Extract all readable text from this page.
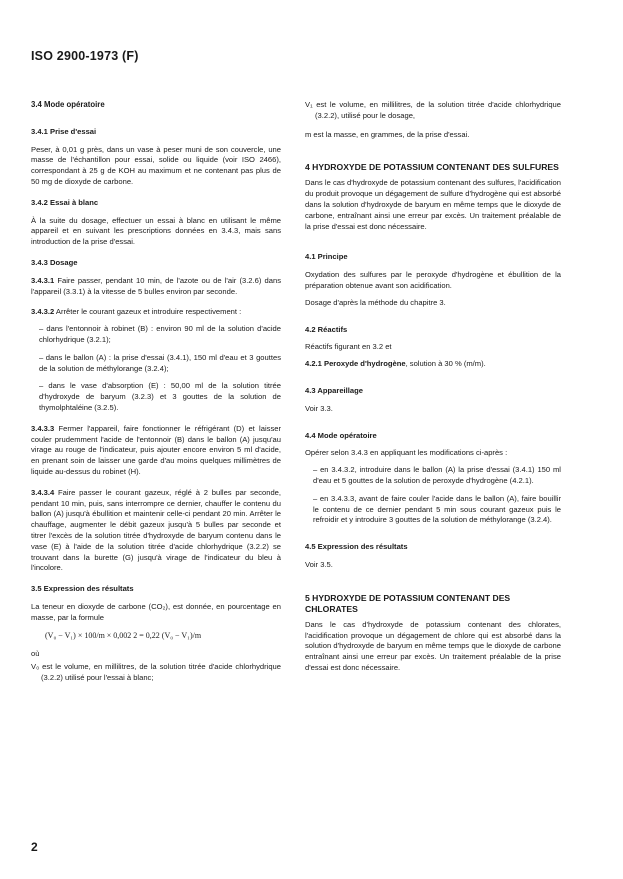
ISO 2900-1973 (F)
3.4 Mode opératoire
3.4.1 Prise d'essai

Peser, à 0,01 g près, dans un vase à peser muni de son couvercle, une masse de l'échantillon pour essai, solide ou liquide (voir ISO 2466), correspondant à 25 g de KOH au maximum et ne contenant pas plus de 50 mg de dioxyde de carbone.

3.4.2 Essai à blanc

À la suite du dosage, effectuer un essai à blanc en utilisant le même appareil et en suivant les prescriptions données en 3.4.3, mais sans introduction de la prise d'essai.

3.4.3 Dosage

3.4.3.1 Faire passer, pendant 10 min, de l'azote ou de l'air (3.2.6) dans l'appareil (3.3.1) à la vitesse de 5 bulles environ par seconde.

3.4.3.2 Arrêter le courant gazeux et introduire respectivement :

– dans l'entonnoir à robinet (B) : environ 90 ml de la solution d'acide chlorhydrique (3.2.1);
– dans le ballon (A) : la prise d'essai (3.4.1), 150 ml d'eau et 3 gouttes de la solution de méthylorange (3.2.4);
– dans le vase d'absorption (E) : 50,00 ml de la solution titrée d'hydroxyde de baryum (3.2.3) et 3 gouttes de la solution de thymolphtaléine (3.2.5).

3.4.3.3 Fermer l'appareil, faire fonctionner le réfrigérant (D) et laisser couler prudemment l'acide de l'entonnoir (B) dans le ballon (A) jusqu'au virage au rouge de l'indicateur, puis ajouter encore environ 5 ml d'acide, en prenant soin de laisser une garde d'au moins quelques millimètres de liquide au-dessus du robinet (H).

3.4.3.4 Faire passer le courant gazeux, réglé à 2 bulles par seconde, pendant 10 min, puis, sans interrompre ce dernier, chauffer le contenu du ballon (A) jusqu'à ébullition et maintenir celle-ci pendant 20 min. Arrêter le chauffage, augmenter le débit gazeux jusqu'à 5 bulles par seconde et titrer l'excès de la solution titrée d'hydroxyde de baryum contenu dans le vase (E) à l'aide de la solution titrée d'acide chlorhydrique (3.2.2) se trouvant dans la burette (G) jusqu'à virage de l'indicateur du bleu à l'incolore.

3.5 Expression des résultats

La teneur en dioxyde de carbone (CO₂), est donnée, en pourcentage en masse, par la formule

(V₀ − V₁) × 100/m × 0,002 2 = 0,22 (V₀ − V₁)/m
où
V₀ est le volume, en millilitres, de la solution titrée d'acide chlorhydrique (3.2.2) utilisé pour l'essai à blanc;
V₁ est le volume, en millilitres, de la solution titrée d'acide chlorhydrique (3.2.2), utilisé pour le dosage,
m est la masse, en grammes, de la prise d'essai.
4 HYDROXYDE DE POTASSIUM CONTENANT DES SULFURES

Dans le cas d'hydroxyde de potassium contenant des sulfures, l'acidification du produit provoque un dégagement de sulfure d'hydrogène qui est absorbé dans la solution d'hydroxyde de baryum en même temps que le dioxyde de carbone, entraînant ainsi une erreur par excès. Un traitement préalable de la prise d'essai est donc nécessaire.

4.1 Principe

Oxydation des sulfures par le peroxyde d'hydrogène et ébullition de la préparation obtenue avant son acidification.

Dosage d'après la méthode du chapitre 3.

4.2 Réactifs

Réactifs figurant en 3.2 et

4.2.1 Peroxyde d'hydrogène, solution à 30 % (m/m).

4.3 Appareillage

Voir 3.3.

4.4 Mode opératoire

Opérer selon 3.4.3 en appliquant les modifications ci-après :

– en 3.4.3.2, introduire dans le ballon (A) la prise d'essai (3.4.1) 150 ml d'eau et 5 gouttes de la solution de peroxyde d'hydrogène (4.2.1).
– en 3.4.3.3, avant de faire couler l'acide dans le ballon (A), faire bouillir le contenu de ce dernier pendant 5 min sous courant gazeux puis le refroidir et y introduire 3 gouttes de la solution de méthylorange (3.2.4).
4.5 Expression des résultats

Voir 3.5.

5 HYDROXYDE DE POTASSIUM CONTENANT DES CHLORATES

Dans le cas d'hydroxyde de potassium contenant des chlorates, l'acidification provoque un dégagement de chlore qui est absorbé dans la solution d'hydroxyde de baryum en même temps que le dioxyde de carbone entraînant ainsi une erreur par excès. Un traitement préalable de la prise d'essai est donc nécessaire.

2
